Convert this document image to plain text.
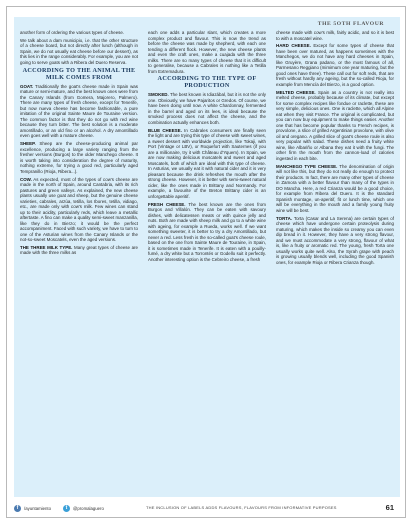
THE 5OTH FLAVOUR

another form of ordering the various types of cheese.

We talk about a dam municipio, i.e. that the other structure of a cheese board, but not directly after lunch (although in Spain, we do not usually eat cheese before our dessert), as this lies in the range considerably. For example, you are not going to serve goats with a Ribera del Duero Reserva.

ACCORDING TO THE ANIMAL THE MILK COMES FROM

GOAT. Traditionally the goat's cheese made in Spain was mature or semi-mature, and the best known ones were from the Canary Islands (from Gomera, Majorero, Palmero). There are many types of fresh cheese, except for Tenerife, but now nueva cheese has become fashionable, a pure imitation of the original Sainte Maure de Touraine version. The common factor is that they do not go with red wine because they turn bitter. The best solution is a moderate amontillado, or an old fino or an alcohol. A dry amontillado even goes well with a mature cheese.

SHEEP. Sheep are the cheese-producing animal par excellence, producing a large variety ranging from the fresher versions (Burgos) to the older Manchego cheese. It is worth taking into consideration the degree of maturity, nothing extreme, for trying a good red, particularly aged Tempranillo (Rioja, Ribera...).

COW. As expected, most of the types of cow's cheese are made in the north of Spain, around Cantabria, with its rich pastures and green valleys. As explained, the new cheese plants usually use goat and sheep, but the genuine cheese varieties, cabrales, arzúa, tetilla, los Ibores, tetilla, vidiago, etc., are made only with cow's milk. Few wines can stand up to their acidity, particularly reds, which leave a metallic aftertaste. A fino can make a quality semi-sweet manzanilla, like they do in Bierzo; it would be the perfect accompaniment. Faced with such variety, we have to turn to one of the Asturian wines from the Canary Islands or the not-so-sweet Moscatels, even the aged versions.

THE THREE MILK TYPE. Many great types of cheese are made with the three milks as

each one adds a particular slant, which creates a more complex product and flavour. This is now the trend as before the cheese was made by shepherd, with each one tending a different flock. However, the new cheese plants and even the craft ones, make a cuajada with the three milks. There are so many types of cheese that it is difficult to generalise, because a Cabrales is nothing like a Tetilla from Extremadura.

ACCORDING TO THE TYPE OF PRODUCTION

SMOKED. The best known is Idiazábal, but it is not the only one. Obviously, we have Pajaritos or Gredos. Of course, we have been doing until now. A white Chardonnay, fermented in the barrel and aged on its lees, is ideal because the smoked process does not affect the cheese, and the combination actually enhances both.

BLUE CHEESE. In Cabrales consumers are finally seen the light and are trying this type of cheese with sweet wines, a sweet dessert with worldwide projection, like Tokaji, with Port (Vintage or LBV), or Roquefort with Sauternes (if you are a millionaire, try it with Château d'Yquem). In Spain, we are now making delicious moscatels and sweet and aged Moscatels, both of which are ideal with this type of cheese. In Asturias, we usually eat it with natural cider and it is very pleasant because the drink refreshes the mouth after the strong cheese. However, it is better with semi-sweet natural cider, like the ones made in Brittany and Normandy. For example, a favourite of the Breton Brittany cider is an unforgettable aperitif.

FRESH CHEESE. The best known are the ones from Burgos and Villalón. They can be eaten with savoury dishes, with delicatessen meats or with quince jelly and nuts. Both are made with sheep milk and go to a white wine with ageing, for example a Rueda, works well. If we want something sweeter, it is better to try a dry Amontillado, but never a red. Less fresh is the so-called goat's cheese roule, based on the one from Sainte Maure de Touraine, in Spain, it is sometimes made in Tenerife. It is eaten with a pouilly-fumé, a dry white but a Torrontés or Godello suit it perfectly. Another interesting option is the Cebreiro cheese, a fresh

cheese made with cow's milk, fairly acidic, and so it is best to with a moscatel wine.

HARD CHEESE. Except for some types of cheese that have been over matured, as happens sometimes with the Manchegos, we do not have any hard cheeses in Spain, like Gruyère, Grana padano, or the most famous of all, Parmesano Reggiano (mimimum one year maturing, but the good ones have three). These call out for soft reds, that are fresh without hardly any ageing, but the so-called Rioja, for example from Mencía del Bierzo, is a good option.

MELTED CHEESE. Spain as a country is not really into melted cheese, probably because of its climate, but except for some complex recipes like fondue or raclette, these are very simple, delicious ones. One is raclette, which all Alpine eat when they visit France. The original is complicated, but you can now buy equipment to make things easier. Another one that has become popular thanks to French recipes, is provolone, a slice of grilled Argentinian provolone, with olive oil and oregano. A grilled slice of goat's cheese roule is also very popular with salad. These dishes need a fruity white wine, like Albariño or Albana they eat it with the fungi. The other firm the mouth from the cannon-load of calories ingested in each bite.

MANCHEGO TYPE CHEESE. The denomination of origin will not like this, but they do not really do enough to protect their products. In fact, there are many other types of cheese in Zamora with a better flavour than many of the types in DO Mancha. Here, a red Crianza would be a good choice, for example from Ribera del Duero. It is the standard Spanish montage, un-aperitif, fit or lunch time, which one will be everything in the mouth and a family young fruity wine will be best.

TORTA. Torta (Casar and La Serena) are certain types of cheese which have undergone certain proteolysis during maturing, which makes the inside so creamy you can even dip bread in it. However, they have a very strong flavour, and we must accommodate a very strong, flavour of what is, like a fruity or aromatic red. The young, fresh Torta one usually works quite well. Also, the Syrah grape with peach is growing usually blends well, including the good Spanish ones, for example Rioja or Ribera Crianza though.

f	/ayuntamiento	t	@promalaguero	THE INCLUSION OF LABELS ADDS FLAVOURS, FLAVOURS FROM INFORMATIVE PURPOSES	61
